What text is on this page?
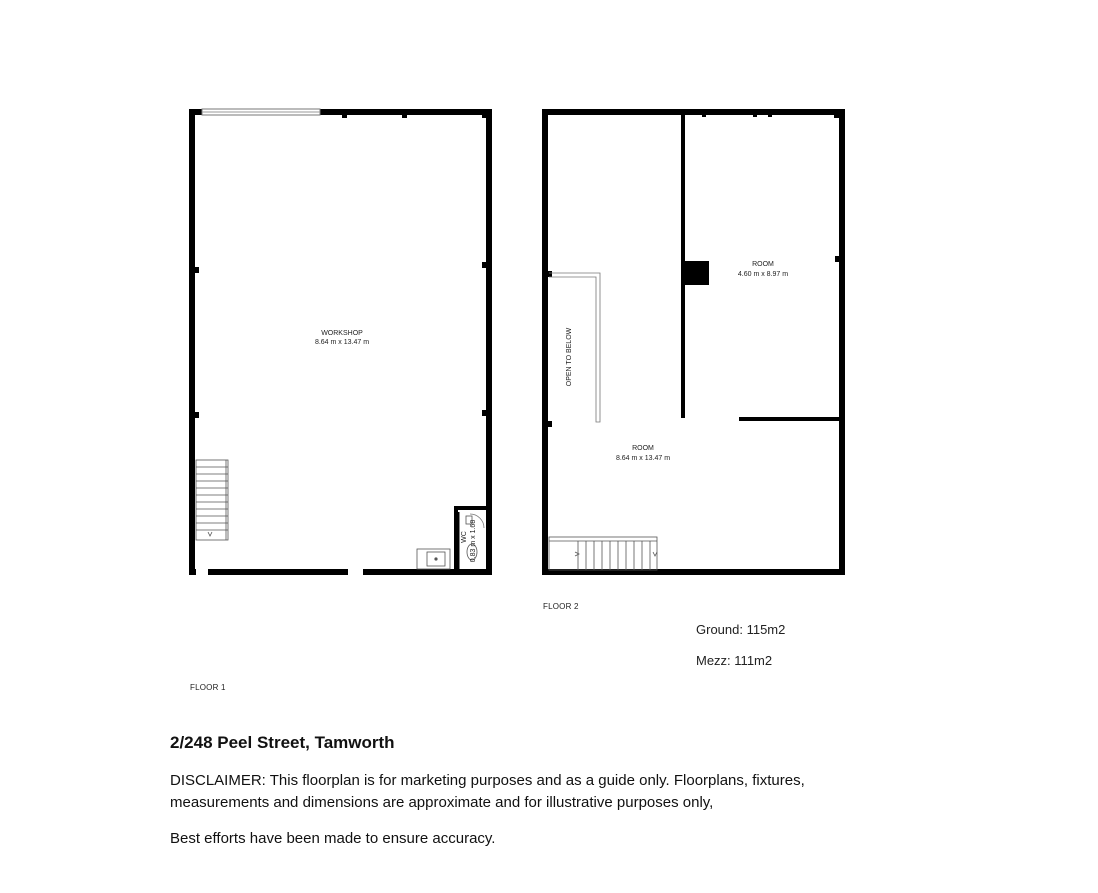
WORKSHOP
8.64 m x 13.47 m
WC 0.83 m x 1.68
OPEN TO BELOW
ROOM
8.64 m x 13.47 m
ROOM
4.60 m x 8.97 m
FLOOR 2
FLOOR 1
Ground: 115m2
Mezz: 111m2
2/248 Peel Street, Tamworth
DISCLAIMER: This floorplan is for marketing purposes and as a guide only. Floorplans, fixtures, measurements and dimensions are approximate and for illustrative purposes only,
Best efforts have been made to ensure accuracy.
